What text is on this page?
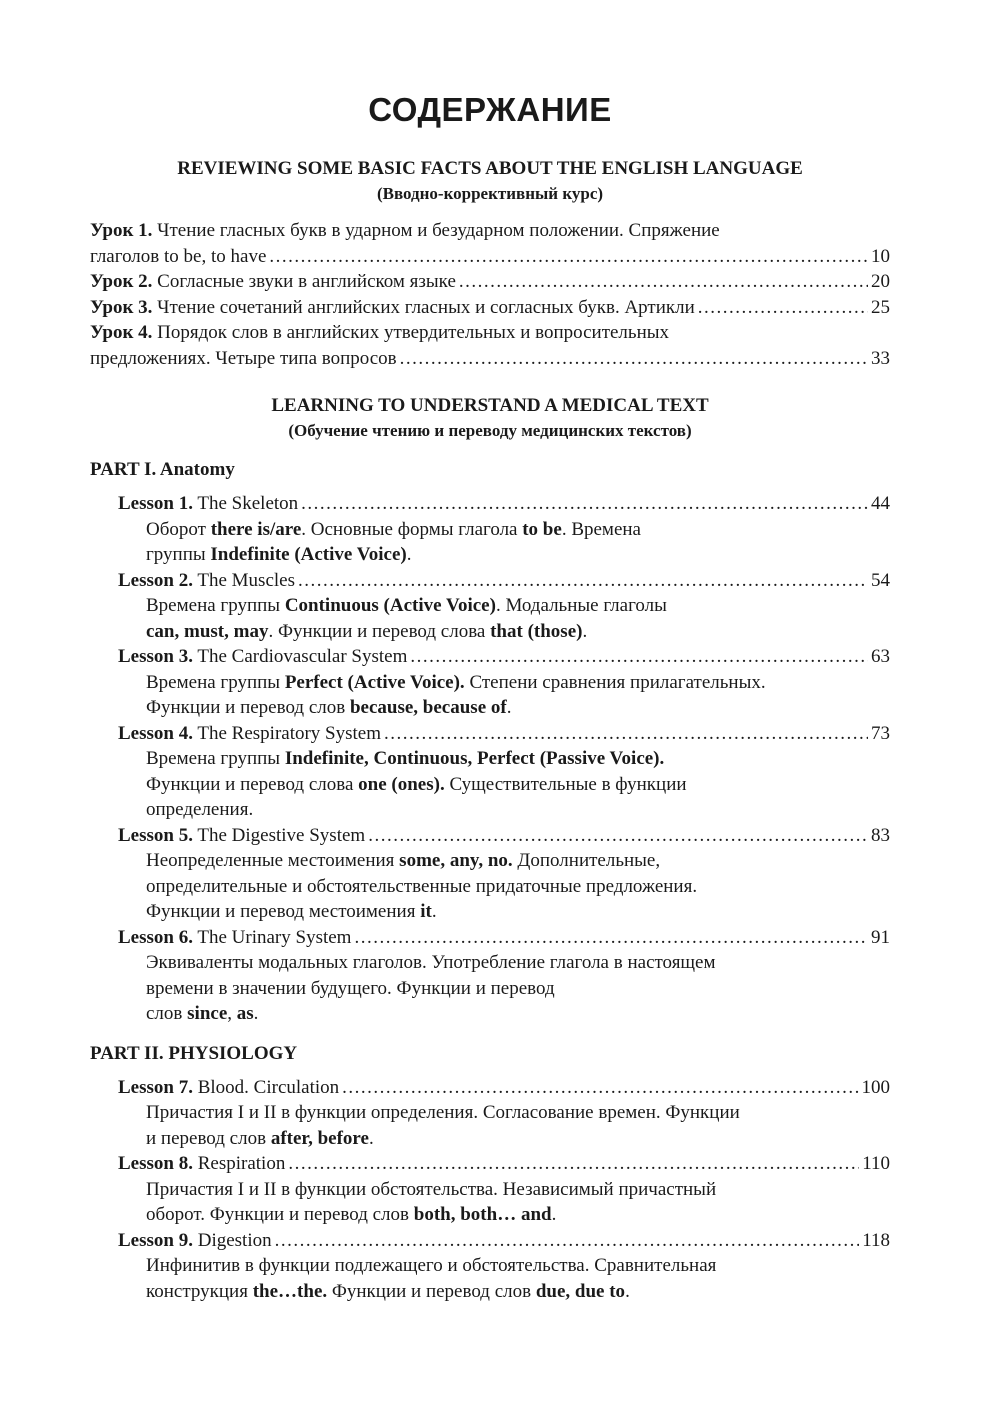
СОДЕРЖАНИЕ
REVIEWING SOME BASIC FACTS ABOUT THE ENGLISH LANGUAGE
(Вводно-коррективный курс)
Урок 1. Чтение гласных букв в ударном и безударном положении. Спряжение
глаголов to be, to have .....	10
Урок 2. Согласные звуки в английском языке .....	20
Урок 3. Чтение сочетаний английских гласных и согласных букв. Артикли .....	25
Урок 4. Порядок слов в английских утвердительных и вопросительных
предложениях. Четыре типа вопросов .....	33
LEARNING TO UNDERSTAND A MEDICAL TEXT
(Обучение чтению и переводу медицинских текстов)
PART I. Anatomy
Lesson 1. The Skeleton .....	44
Оборот there is/are. Основные формы глагола to be. Времена
группы Indefinite (Active Voice).
Lesson 2. The Muscles .....	54
Времена группы Continuous (Active Voice). Модальные глаголы
can, must, may. Функции и перевод слова that (those).
Lesson 3. The Cardiovascular System .....	63
Времена группы Perfect (Active Voice). Степени сравнения прилагательных.
Функции и перевод слов because, because of.
Lesson 4. The Respiratory System .....	73
Времена группы Indefinite, Continuous, Perfect (Passive Voice).
Функции и перевод слова one (ones). Существительные в функции
определения.
Lesson 5. The Digestive System .....	83
Неопределенные местоимения some, any, no. Дополнительные,
определительные и обстоятельственные придаточные предложения.
Функции и перевод местоимения it.
Lesson 6. The Urinary System .....	91
Эквиваленты модальных глаголов. Употребление глагола в настоящем
времени в значении будущего. Функции и перевод
слов since, as.
PART II. PHYSIOLOGY
Lesson 7. Blood. Circulation .....	100
Причастия I и II в функции определения. Согласование времен. Функции
и перевод слов after, before.
Lesson 8. Respiration .....	110
Причастия I и II в функции обстоятельства. Независимый причастный
оборот. Функции и перевод слов both, both… and.
Lesson 9. Digestion .....	118
Инфинитив в функции подлежащего и обстоятельства. Сравнительная
конструкция the…the. Функции и перевод слов due, due to.
